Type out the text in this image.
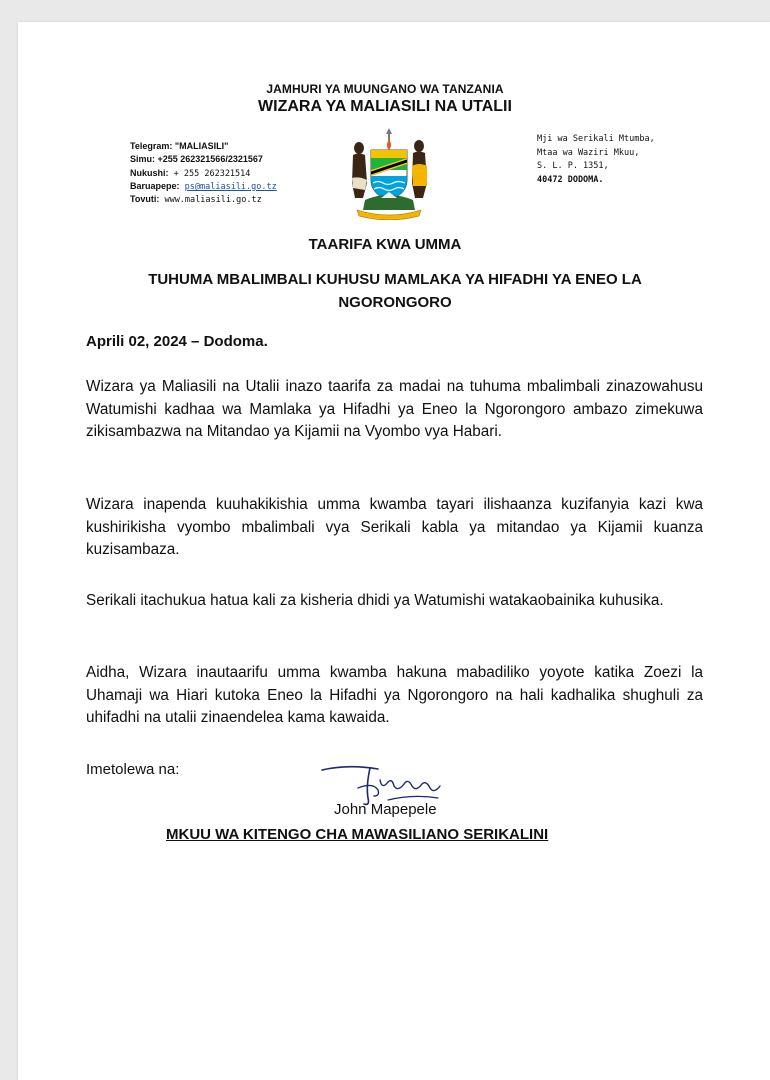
JAMHURI YA MUUNGANO WA TANZANIA
WIZARA YA MALIASILI NA UTALII
Telegram: "MALIASILI"
Simu: +255 262321566/2321567
Nukushi: + 255 262321514
Baruapepe: ps@maliasili.go.tz
Tovuti: www.maliasili.go.tz
Mji wa Serikali Mtumba,
Mtaa wa Waziri Mkuu,
S. L. P. 1351,
40472 DODOMA.
TAARIFA KWA UMMA
TUHUMA MBALIMBALI KUHUSU MAMLAKA YA HIFADHI YA ENEO LA
NGORONGORO
Aprili 02, 2024 – Dodoma.
Wizara ya Maliasili na Utalii inazo taarifa za madai na tuhuma mbalimbali zinazowahusu Watumishi kadhaa wa Mamlaka ya Hifadhi ya Eneo la Ngorongoro ambazo zimekuwa zikisambazwa na Mitandao ya Kijamii na Vyombo vya Habari.
Wizara inapenda kuuhakikishia umma kwamba tayari ilishaanza kuzifanyia kazi kwa kushirikisha vyombo mbalimbali vya Serikali kabla ya mitandao ya Kijamii kuanza kuzisambaza.
Serikali itachukua hatua kali za kisheria dhidi ya Watumishi watakaobainika kuhusika.
Aidha, Wizara inautaarifu umma kwamba hakuna mabadiliko yoyote katika Zoezi la Uhamaji wa Hiari kutoka Eneo la Hifadhi ya Ngorongoro na hali kadhalika shughuli za uhifadhi na utalii zinaendelea kama kawaida.
Imetolewa na:
John Mapepele
MKUU WA KITENGO CHA MAWASILIANO SERIKALINI
